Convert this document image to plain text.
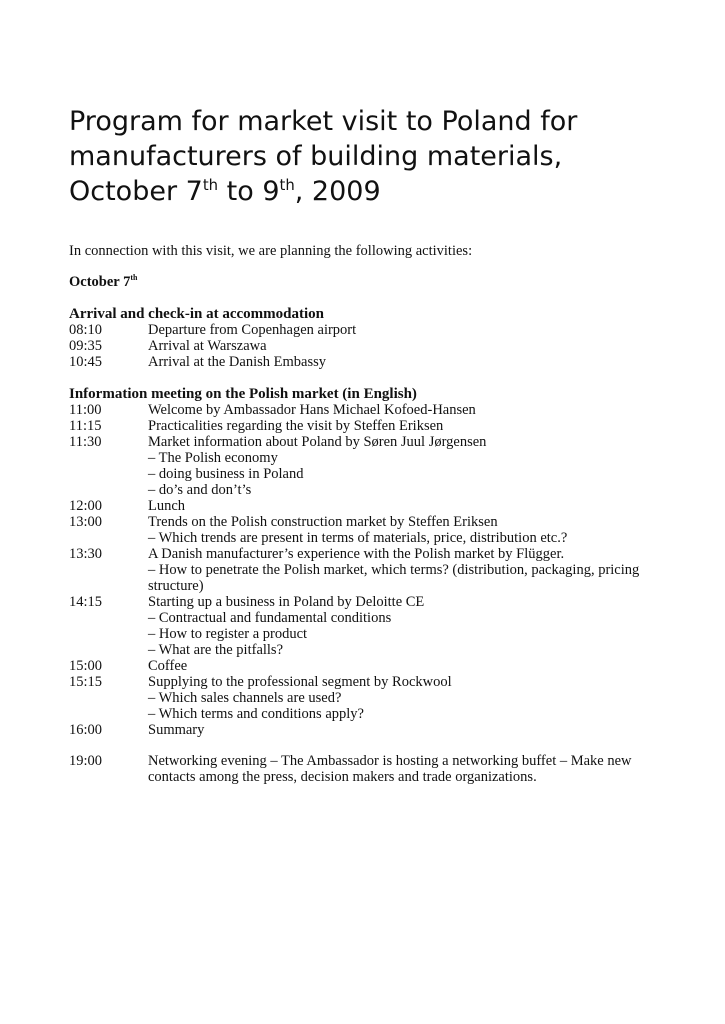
Program for market visit to Poland for
manufacturers of building materials,
October 7th to 9th, 2009
In connection with this visit, we are planning the following activities:
October 7th
Arrival and check-in at accommodation
08:10	Departure from Copenhagen airport
09:35	Arrival at Warszawa
10:45	Arrival at the Danish Embassy
Information meeting on the Polish market (in English)
11:00	Welcome by Ambassador Hans Michael Kofoed-Hansen
11:15	Practicalities regarding the visit by Steffen Eriksen
11:30	Market information about Poland by Søren Juul Jørgensen
– The Polish economy
– doing business in Poland
– do’s and don’t’s
12:00	Lunch
13:00	Trends on the Polish construction market by Steffen Eriksen
– Which trends are present in terms of materials, price, distribution etc.?
13:30	A Danish manufacturer’s experience with the Polish market by Flügger.
– How to penetrate the Polish market, which terms? (distribution, packaging, pricing structure)
14:15	Starting up a business in Poland by Deloitte CE
– Contractual and fundamental conditions
– How to register a product
– What are the pitfalls?
15:00	Coffee
15:15	Supplying to the professional segment by Rockwool
– Which sales channels are used?
– Which terms and conditions apply?
16:00	Summary
19:00	Networking evening – The Ambassador is hosting a networking buffet – Make new contacts among the press, decision makers and trade organizations.
